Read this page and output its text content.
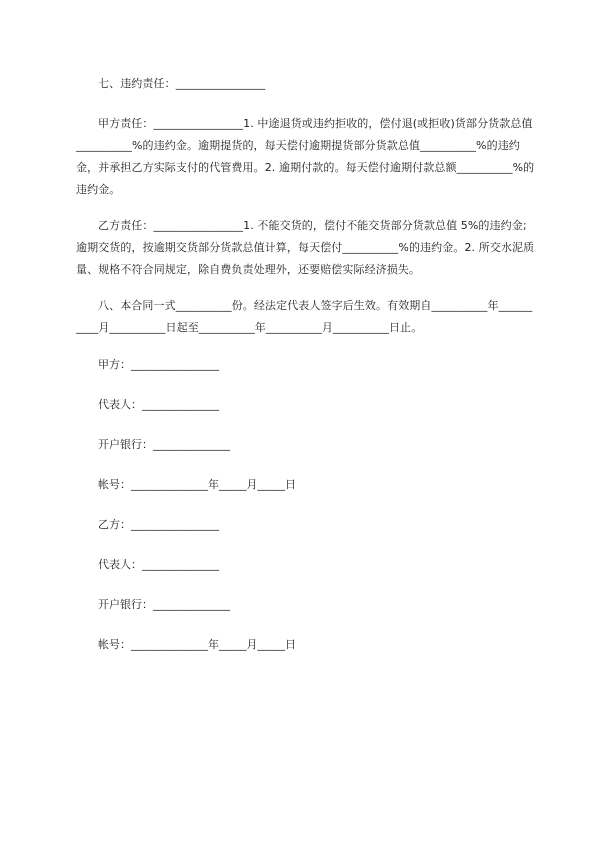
七、违约责任：________________

甲方责任：________________1. 中途退货或违约拒收的，偿付退(或拒收)货部分货款总值__________%的违约金。逾期提货的，每天偿付逾期提货部分货款总值__________%的违约金，并承担乙方实际支付的代管费用。2. 逾期付款的。每天偿付逾期付款总额__________%的违约金。

乙方责任：________________1. 不能交货的，偿付不能交货部分货款总值 5%的违约金;逾期交货的，按逾期交货部分货款总值计算，每天偿付__________%的违约金。2. 所交水泥质量、规格不符合同规定，除自费负责处理外，还要赔偿实际经济损失。

八、本合同一式__________份。经法定代表人签字后生效。有效期自__________年__________月__________日起至__________年__________月__________日止。

甲方：________________

代表人：______________

开户银行：______________

帐号：______________年_____月_____日

乙方：________________

代表人：______________

开户银行：______________

帐号：______________年_____月_____日
